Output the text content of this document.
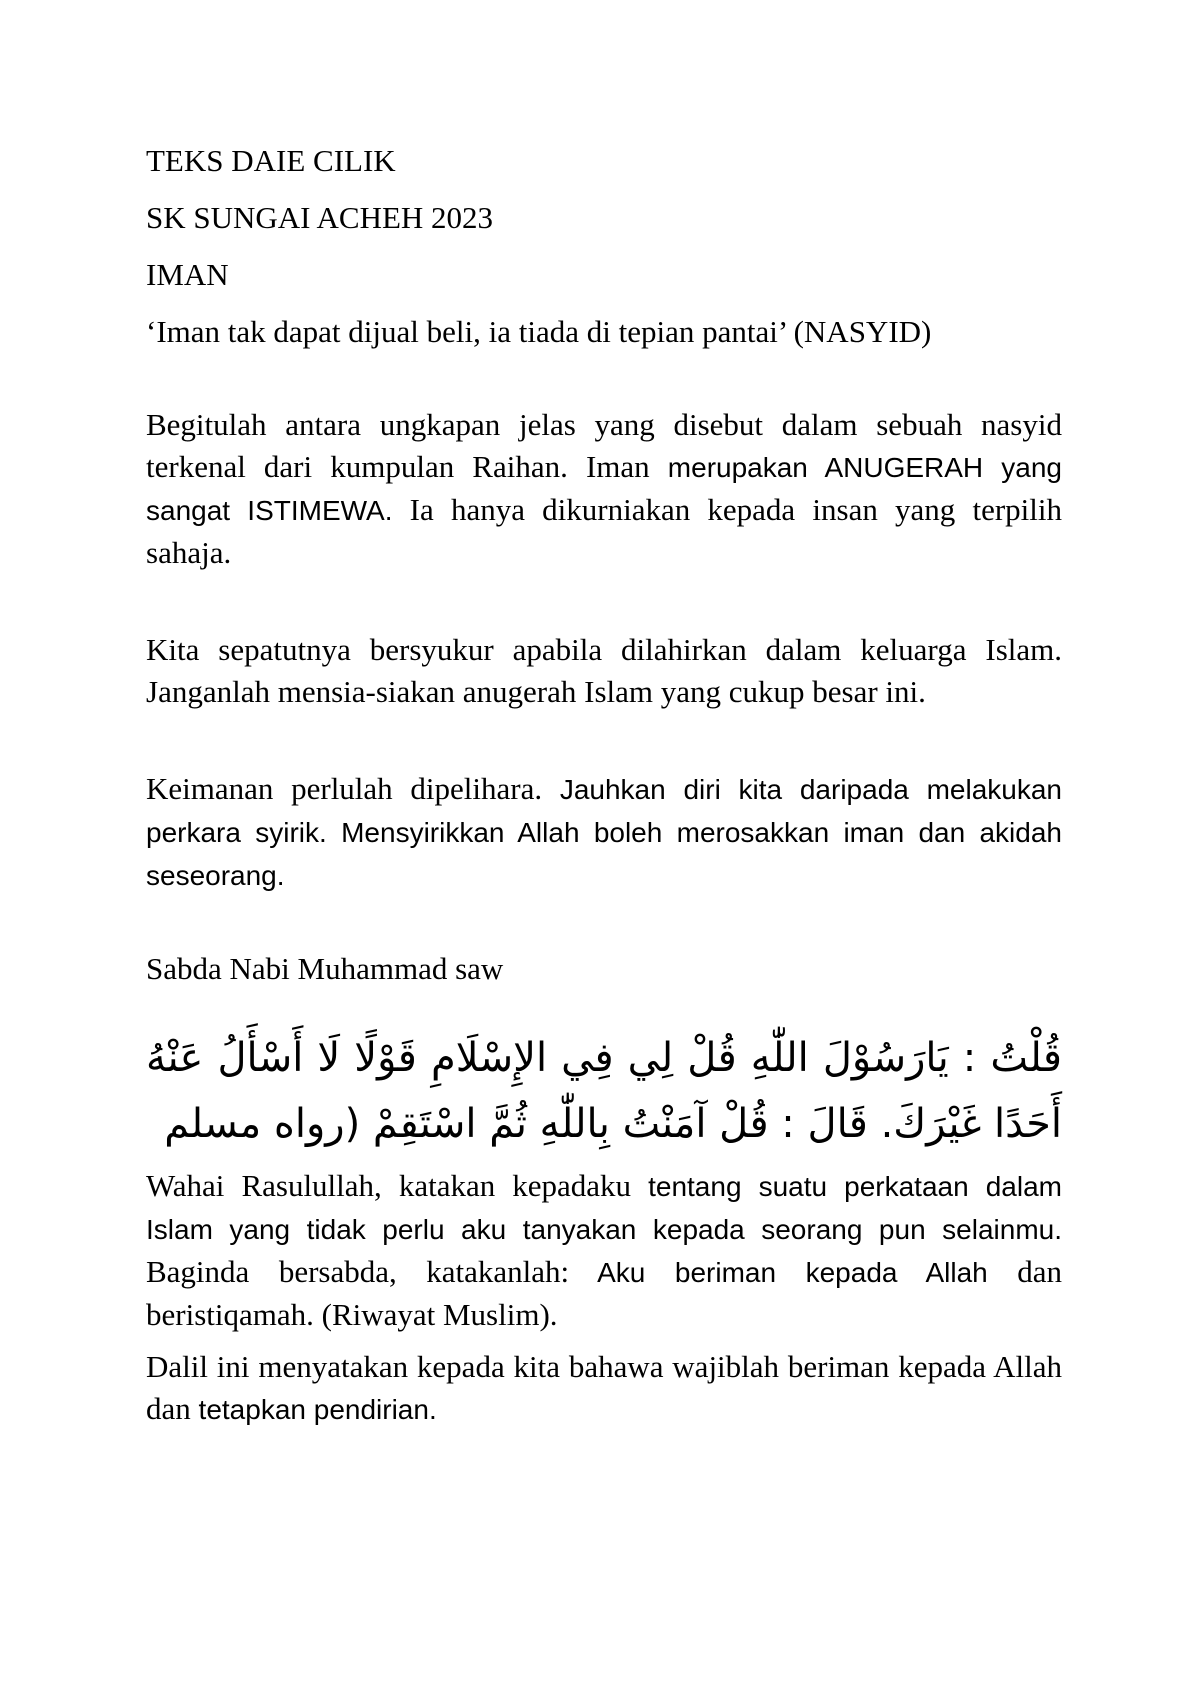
TEKS DAIE CILIK

SK SUNGAI ACHEH 2023

IMAN

‘Iman tak dapat dijual beli, ia tiada di tepian pantai’ (NASYID)

Begitulah antara ungkapan jelas yang disebut dalam sebuah nasyid terkenal dari kumpulan Raihan. Iman merupakan ANUGERAH yang sangat ISTIMEWA. Ia hanya dikurniakan kepada insan yang terpilih sahaja.

Kita sepatutnya bersyukur apabila dilahirkan dalam keluarga Islam. Janganlah mensia-siakan anugerah Islam yang cukup besar ini.

Keimanan perlulah dipelihara. Jauhkan diri kita daripada melakukan perkara syirik. Mensyirikkan Allah boleh merosakkan iman dan akidah seseorang.

Sabda Nabi Muhammad saw

قُلْتُ : يَارَسُوْلَ اللّٰهِ قُلْ لِي فِي الإِسْلَامِ قَوْلًا لَا أَسْأَلُ عَنْهُ أَحَدًا غَيْرَكَ. قَالَ : قُلْ آمَنْتُ بِاللّٰهِ ثُمَّ اسْتَقِمْ (رواه مسلم

Wahai Rasulullah, katakan kepadaku tentang suatu perkataan dalam Islam yang tidak perlu aku tanyakan kepada seorang pun selainmu. Baginda bersabda, katakanlah: Aku beriman kepada Allah dan beristiqamah. (Riwayat Muslim).

Dalil ini menyatakan kepada kita bahawa wajiblah beriman kepada Allah dan tetapkan pendirian.
